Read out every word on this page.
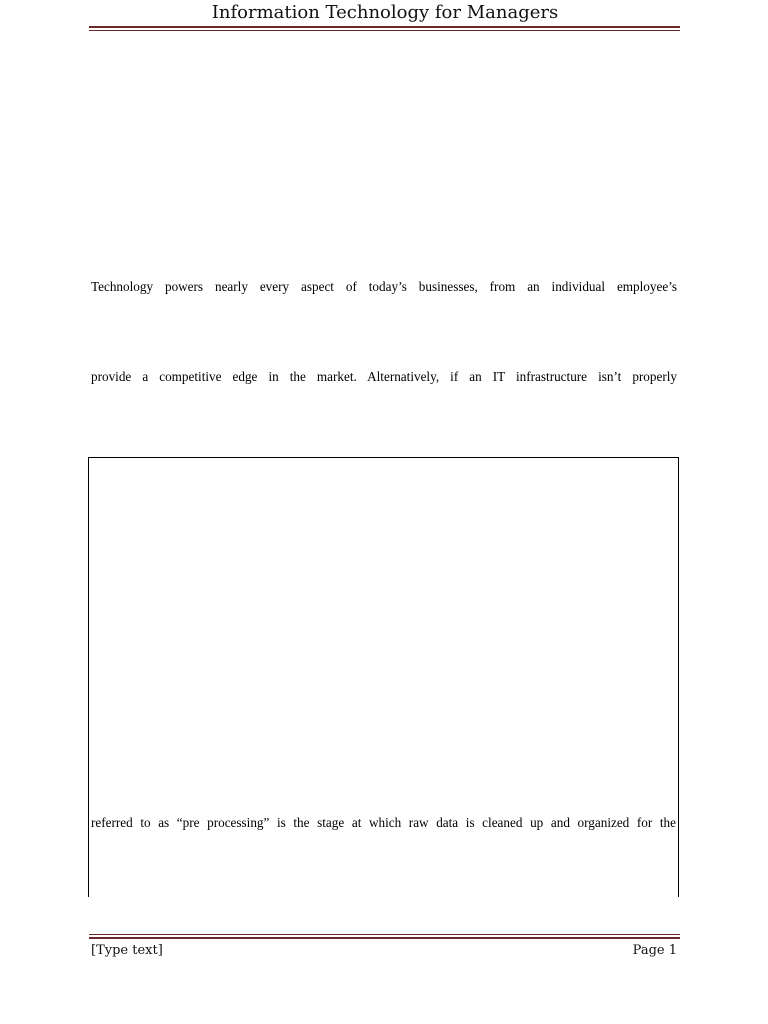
Information Technology for Managers
Technology powers nearly every aspect of today’s businesses, from an individual employee’s
provide a competitive edge in the market. Alternatively, if an IT infrastructure isn’t properly
referred to as “pre processing” is the stage at which raw data is cleaned up and organized for the
[Type text]	Page 1
